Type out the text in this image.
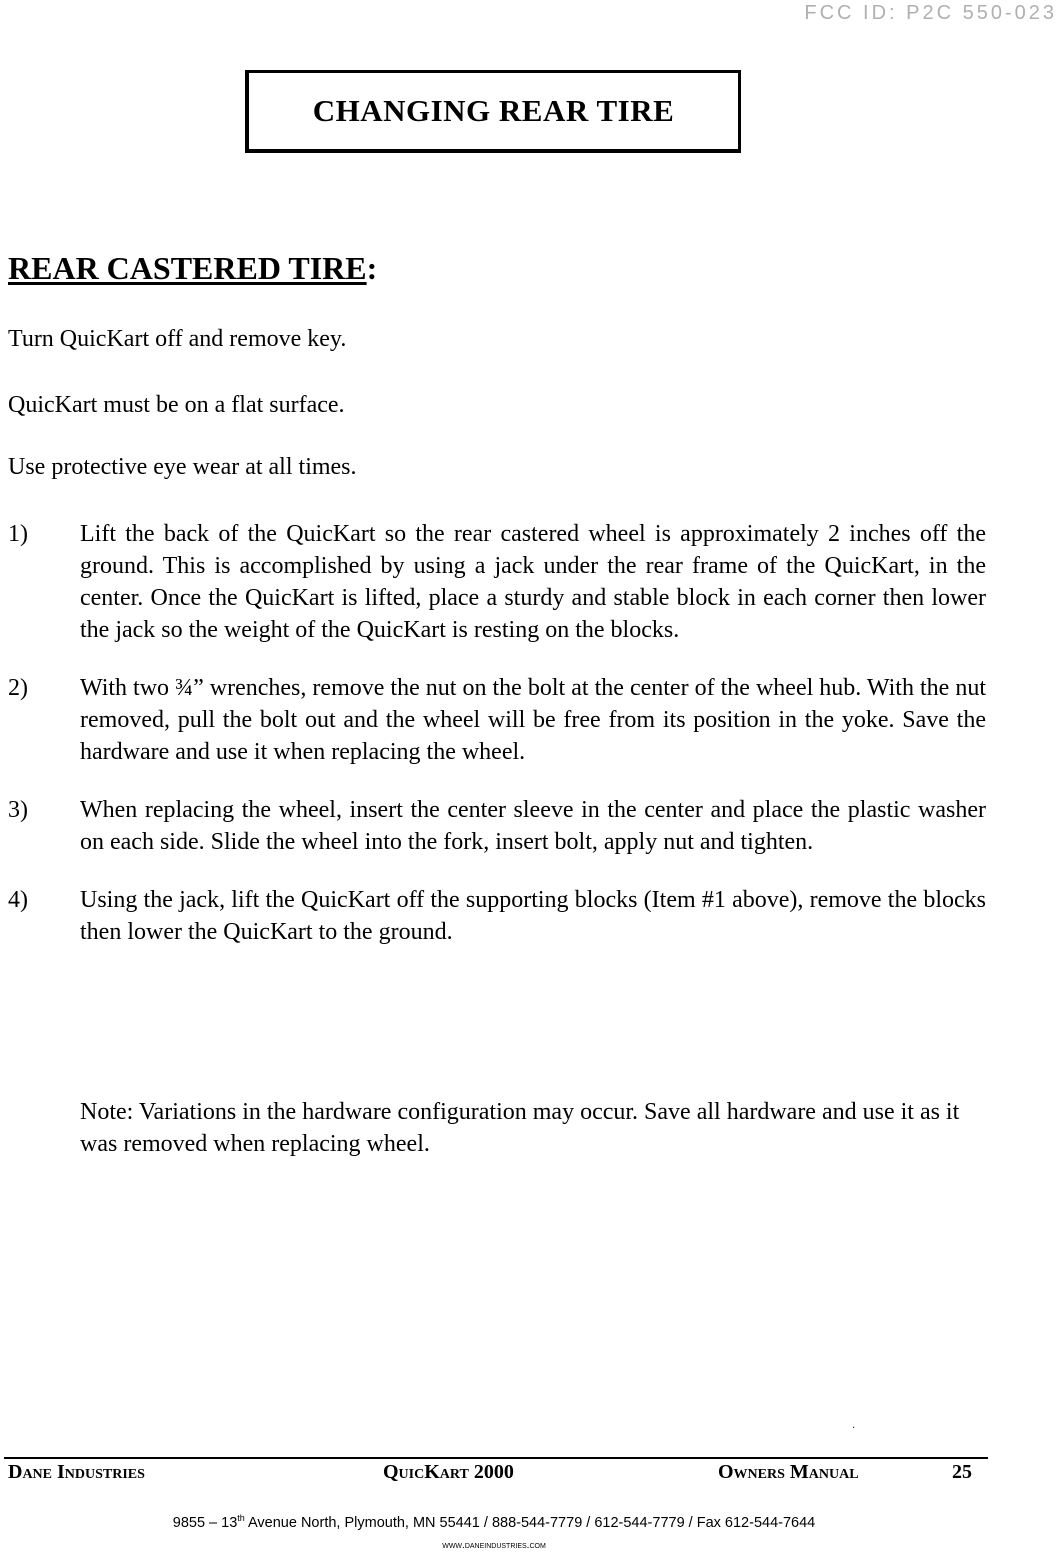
FCC ID: P2C 550-023
CHANGING REAR TIRE
REAR CASTERED TIRE:

Turn QuicKart off and remove key.

QuicKart must be on a flat surface.

Use protective eye wear at all times.

1)	Lift the back of the QuicKart so the rear castered wheel is approximately 2 inches off the ground. This is accomplished by using a jack under the rear frame of the QuicKart, in the center. Once the QuicKart is lifted, place a sturdy and stable block in each corner then lower the jack so the weight of the QuicKart is resting on the blocks.
2)	With two ¾” wrenches, remove the nut on the bolt at the center of the wheel hub. With the nut removed, pull the bolt out and the wheel will be free from its position in the yoke. Save the hardware and use it when replacing the wheel.
3)	When replacing the wheel, insert the center sleeve in the center and place the plastic washer on each side. Slide the wheel into the fork, insert bolt, apply nut and tighten.
4)	Using the jack, lift the QuicKart off the supporting blocks (Item #1 above), remove the blocks then lower the QuicKart to the ground.

Note: Variations in the hardware configuration may occur. Save all hardware and use it as it was removed when replacing wheel.

·
Dane Industries	QuicKart 2000	Owners Manual	25

9855 – 13th Avenue North, Plymouth, MN 55441 / 888-544-7779 / 612-544-7779 / Fax 612-544-7644

www.daneindustries.com
